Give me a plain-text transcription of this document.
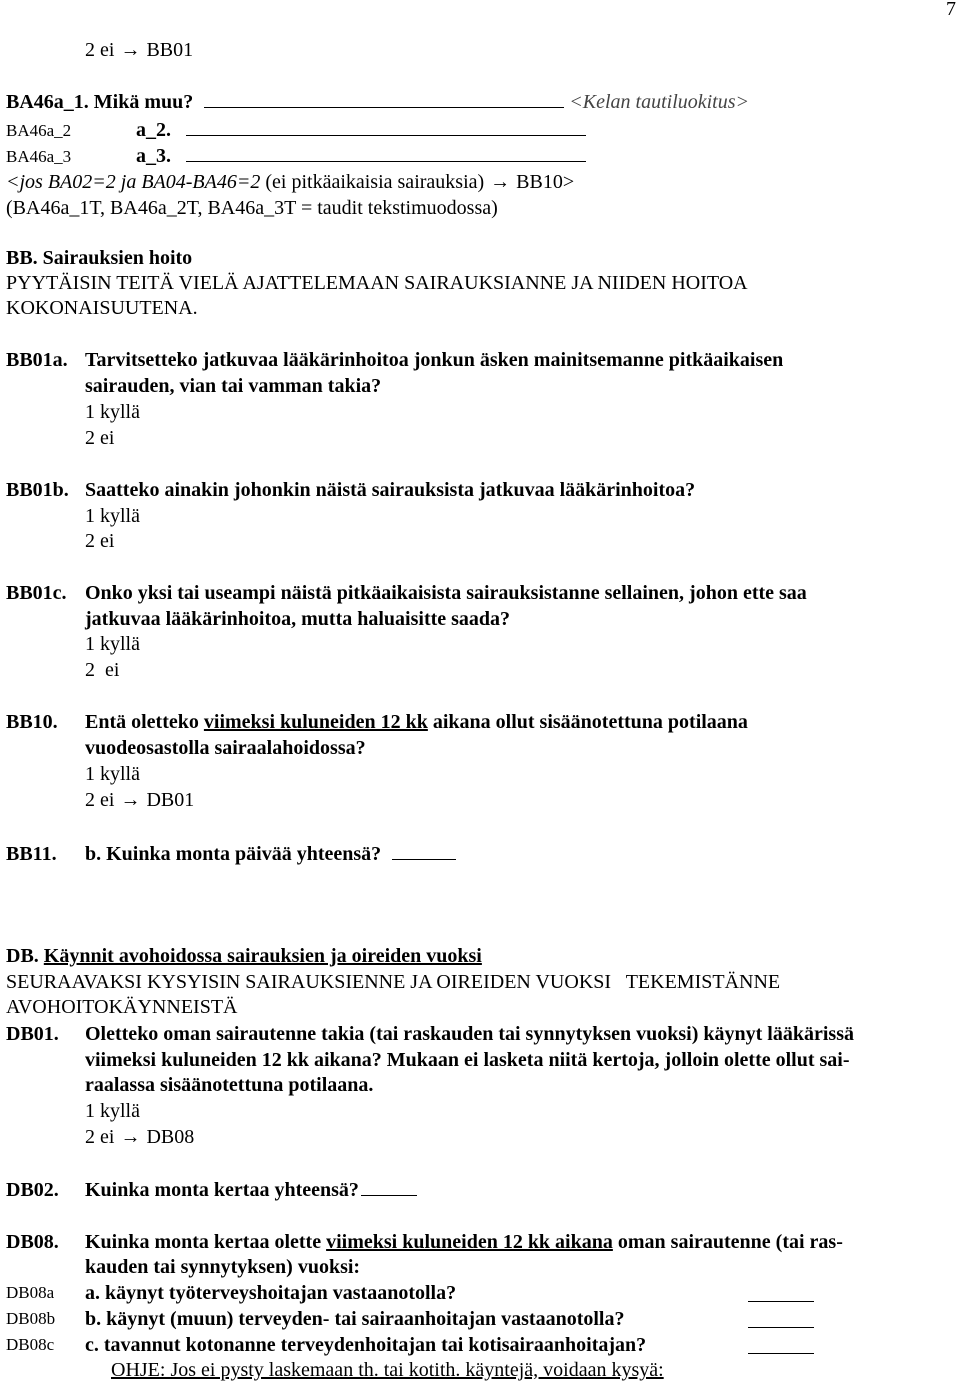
7
2 ei → BB01
BA46a_1. Mikä muu?	<Kelan tautiluokitus>
BA46a_2	a_2.
BA46a_3	a_3.
<jos BA02=2 ja BA04-BA46=2 (ei pitkäaikaisia sairauksia) → BB10>
(BA46a_1T, BA46a_2T, BA46a_3T = taudit tekstimuodossa)
BB. Sairauksien hoito
PYYTÄISIN TEITÄ VIELÄ AJATTELEMAAN SAIRAUKSIANNE JA NIIDEN HOITOA
KOKONAISUUTENA.
BB01a. Tarvitsetteko jatkuvaa lääkärinhoitoa jonkun äsken mainitsemanne pitkäaikaisen
sairauden, vian tai vamman takia?
1 kyllä
2 ei
BB01b. Saatteko ainakin johonkin näistä sairauksista jatkuvaa lääkärinhoitoa?
1 kyllä
2 ei
BB01c. Onko yksi tai useampi näistä pitkäaikaisista sairauksistanne sellainen, johon ette saa
jatkuvaa lääkärinhoitoa, mutta haluaisitte saada?
1 kyllä
2  ei
BB10. Entä oletteko viimeksi kuluneiden 12 kk aikana ollut sisäänotettuna potilaana
vuodeosastolla sairaalahoidossa?
1 kyllä
2 ei → DB01
BB11. b. Kuinka monta päivää yhteensä?
DB. Käynnit avohoidossa sairauksien ja oireiden vuoksi
SEURAAVAKSI KYSYISIN SAIRAUKSIENNE JA OIREIDEN VUOKSI   TEKEMISTÄNNE
AVOHOITOKÄYNNEISTÄ
DB01. Oletteko oman sairautenne takia (tai raskauden tai synnytyksen vuoksi) käynyt lääkärissä
viimeksi kuluneiden 12 kk aikana? Mukaan ei lasketa niitä kertoja, jolloin olette ollut sai-
raalassa sisäänotettuna potilaana.
1 kyllä
2 ei → DB08
DB02. Kuinka monta kertaa yhteensä?
DB08. Kuinka monta kertaa olette viimeksi kuluneiden 12 kk aikana oman sairautenne (tai ras-
kauden tai synnytyksen) vuoksi:
DB08a a. käynyt työterveyshoitajan vastaanotolla?
DB08b b. käynyt (muun) terveyden- tai sairaanhoitajan vastaanotolla?
DB08c c. tavannut kotonanne terveydenhoitajan tai kotisairaanhoitajan?
OHJE: Jos ei pysty laskemaan th. tai kotith. käyntejä, voidaan kysyä:
